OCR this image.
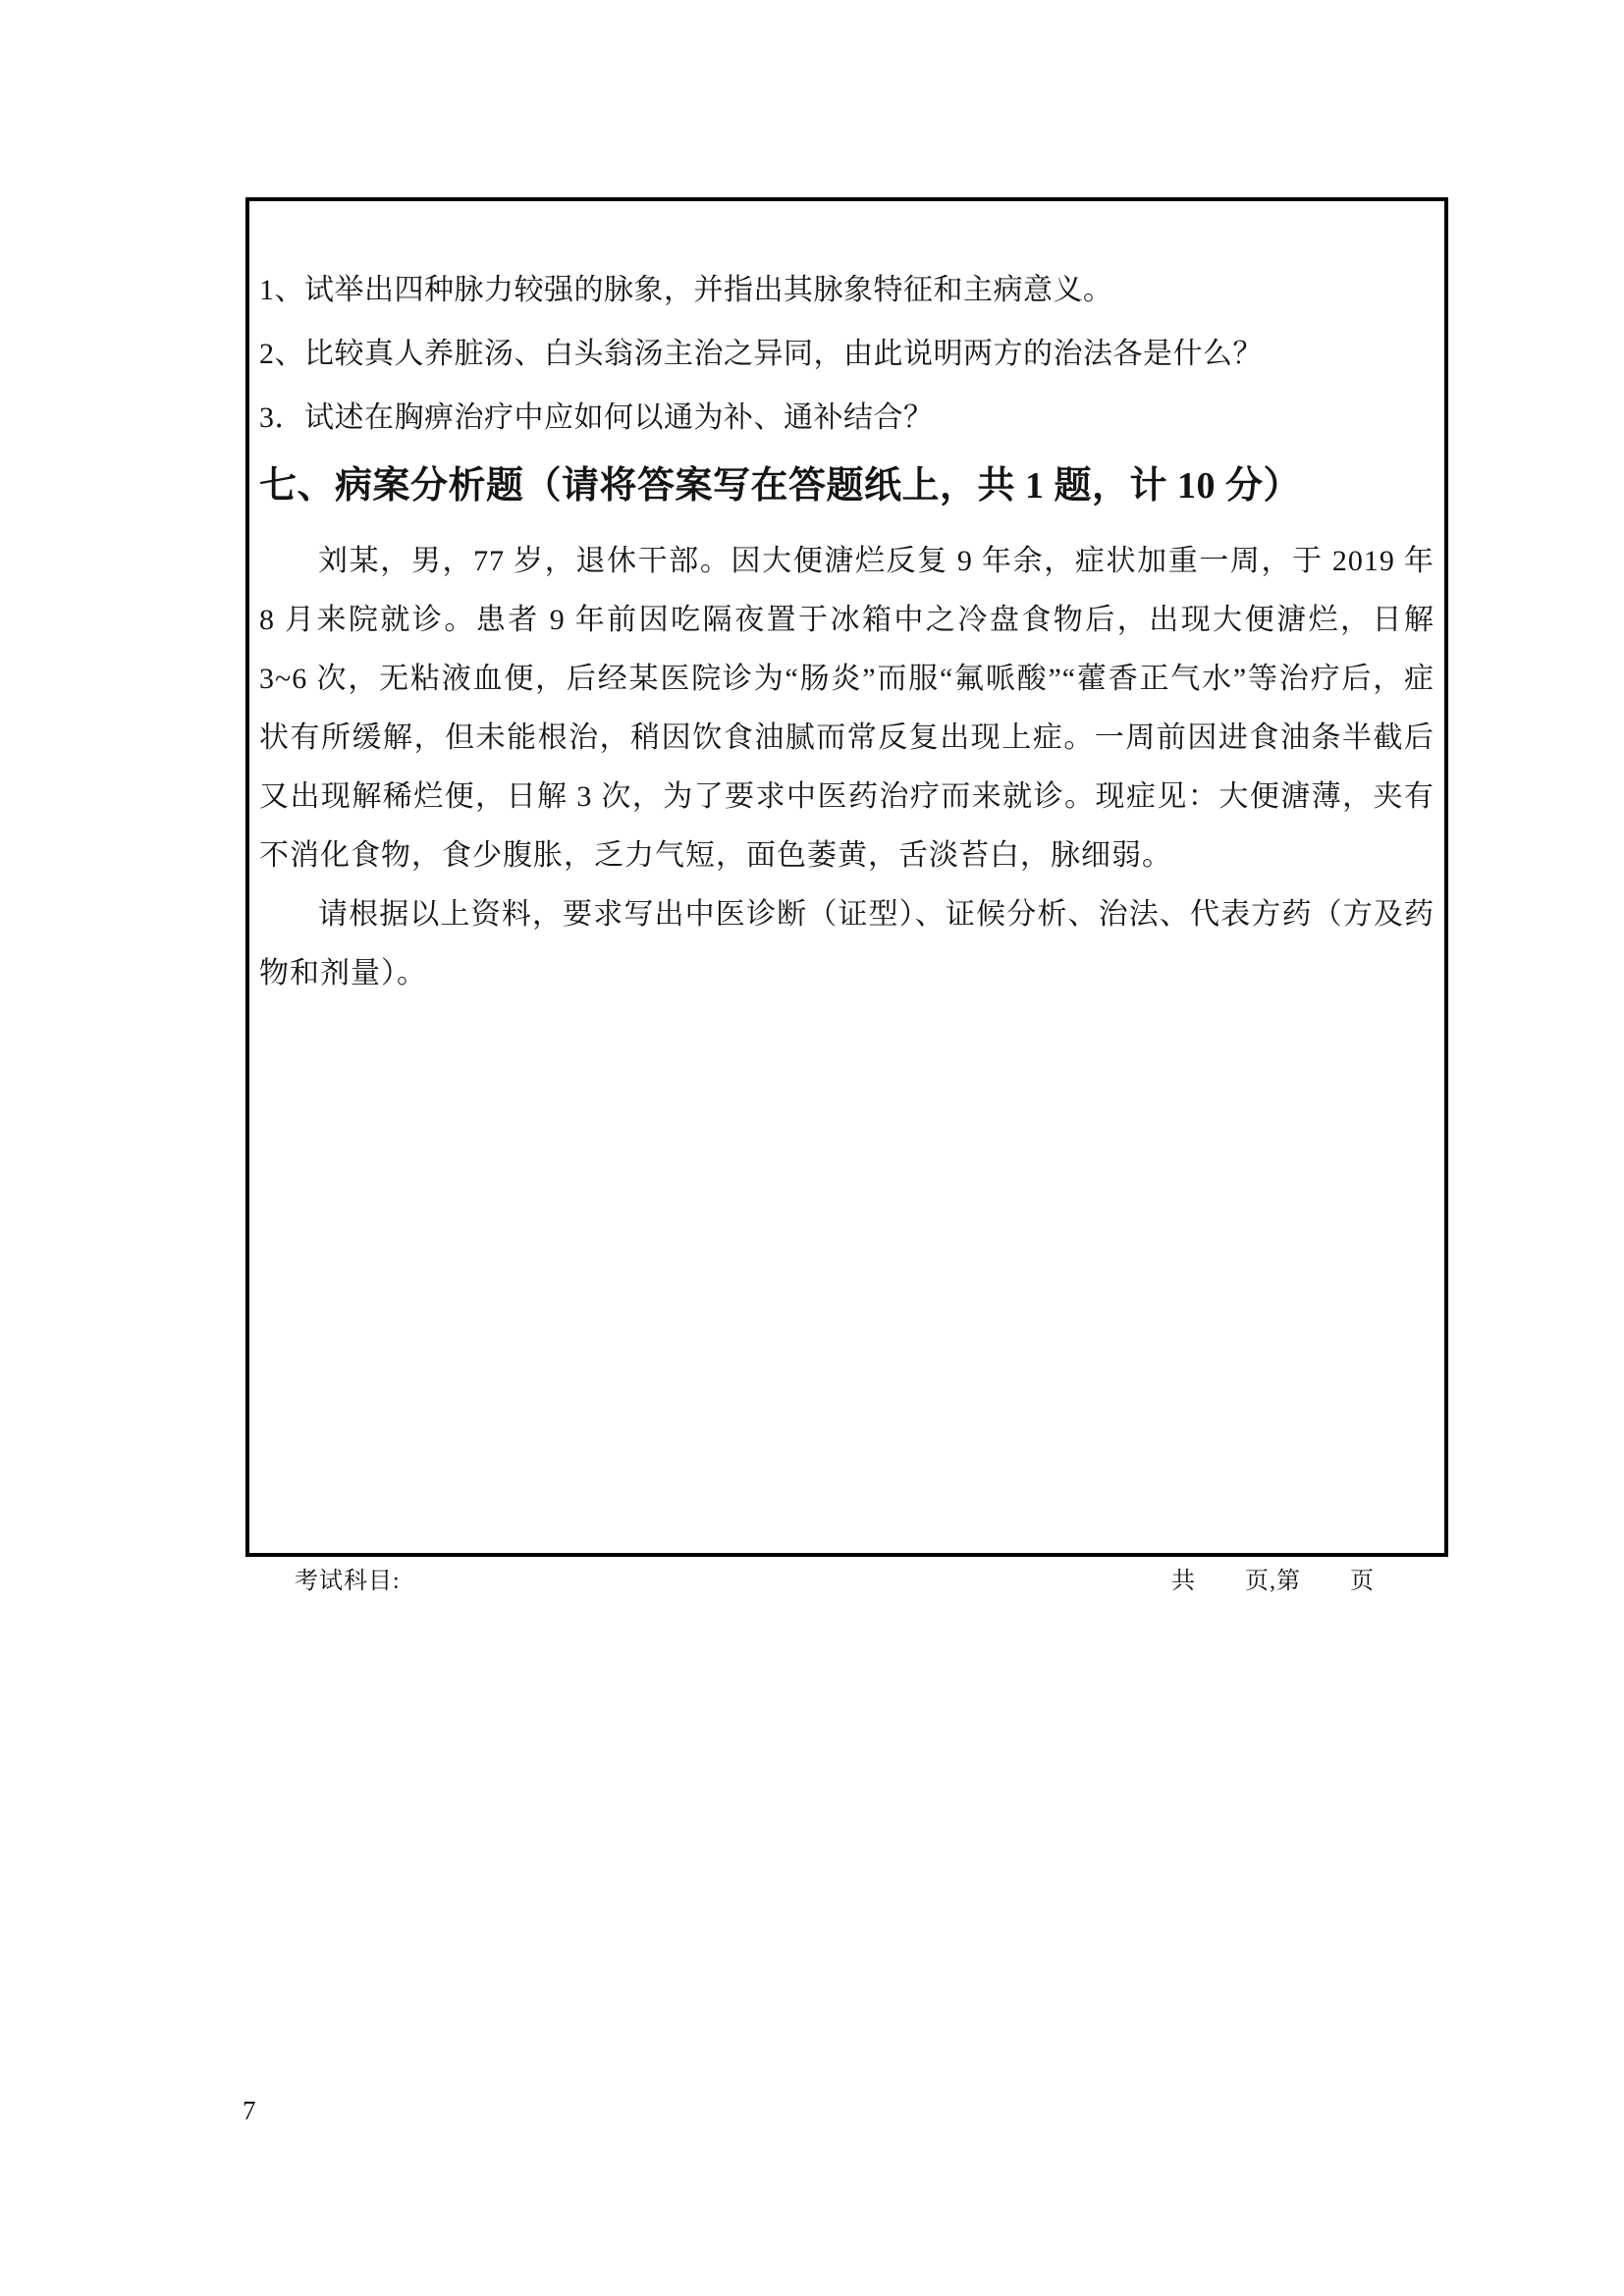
1、试举出四种脉力较强的脉象，并指出其脉象特征和主病意义。
2、比较真人养脏汤、白头翁汤主治之异同，由此说明两方的治法各是什么？
3．试述在胸痹治疗中应如何以通为补、通补结合？
七、病案分析题（请将答案写在答题纸上，共 1 题，计 10 分）

刘某，男，77 岁，退休干部。因大便溏烂反复 9 年余，症状加重一周，于 2019 年 8 月来院就诊。患者 9 年前因吃隔夜置于冰箱中之冷盘食物后，出现大便溏烂，日解 3~6 次，无粘液血便，后经某医院诊为“肠炎”而服“氟哌酸”“藿香正气水”等治疗后，症状有所缓解，但未能根治，稍因饮食油腻而常反复出现上症。一周前因进食油条半截后又出现解稀烂便，日解 3 次，为了要求中医药治疗而来就诊。现症见：大便溏薄，夹有不消化食物，食少腹胀，乏力气短，面色萎黄，舌淡苔白，脉细弱。

请根据以上资料，要求写出中医诊断（证型）、证候分析、治法、代表方药（方及药物和剂量）。

考试科目:	共　　页,第　　页
7
